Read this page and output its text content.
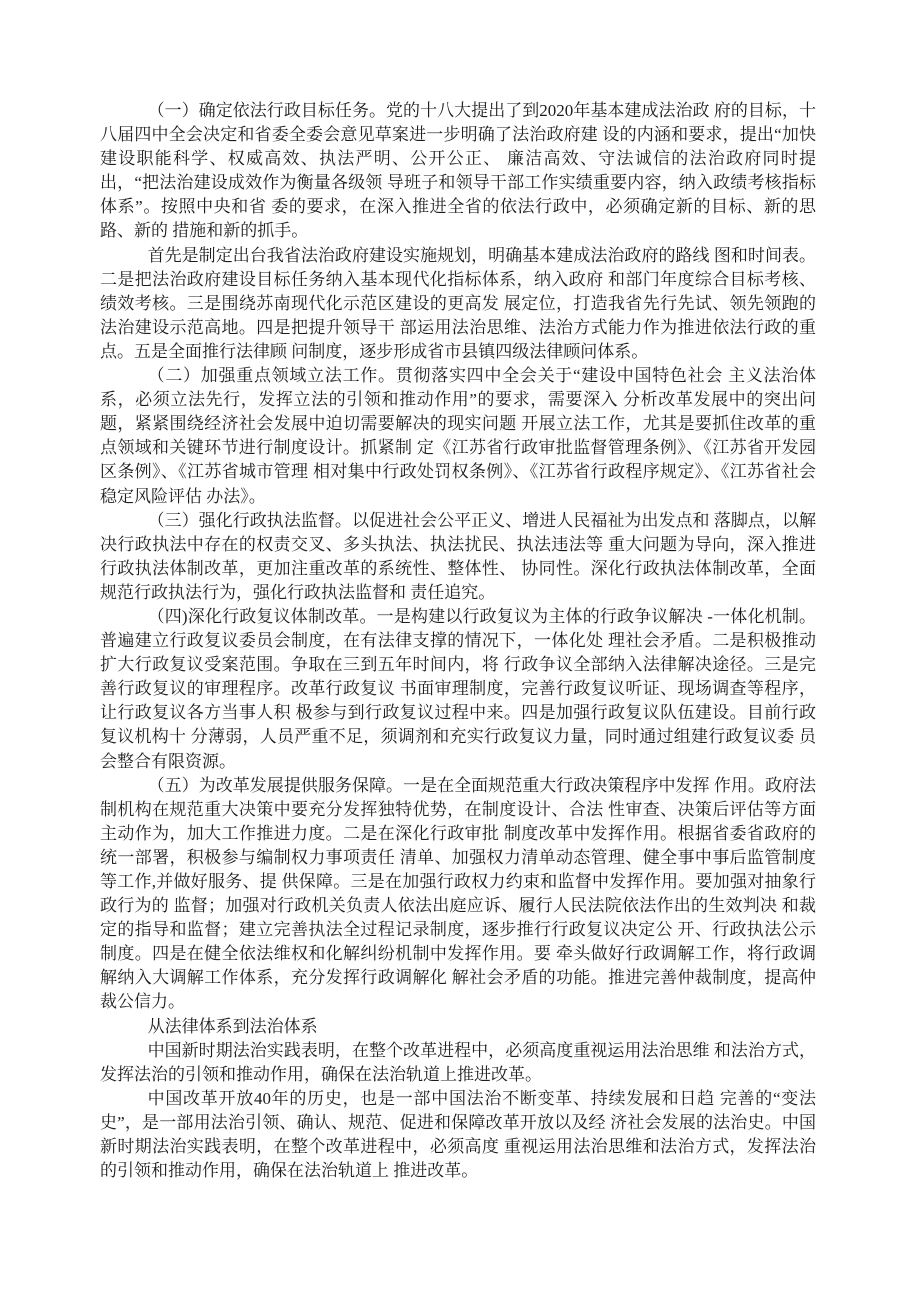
（一）确定依法行政目标任务。党的十八大提出了到2020年基本建成法治政 府的目标，十八届四中全会决定和省委全委会意见草案进一步明确了法治政府建 设的内涵和要求，提出“加快建设职能科学、权威高效、执法严明、公开公正、 廉洁高效、守法诚信的法治政府同时提出，“把法治建设成效作为衡量各级领 导班子和领导干部工作实绩重要内容，纳入政绩考核指标体系”。按照中央和省 委的要求，在深入推进全省的依法行政中，必须确定新的目标、新的思路、新的 措施和新的抓手。

首先是制定出台我省法治政府建设实施规划，明确基本建成法治政府的路线 图和时间表。二是把法治政府建设目标任务纳入基本现代化指标体系，纳入政府 和部门年度综合目标考核、绩效考核。三是围绕苏南现代化示范区建设的更高发 展定位，打造我省先行先试、领先领跑的法治建设示范高地。四是把提升领导干 部运用法治思维、法治方式能力作为推进依法行政的重点。五是全面推行法律顾 问制度，逐步形成省市县镇四级法律顾问体系。

（二）加强重点领域立法工作。贯彻落实四中全会关于“建设中国特色社会 主义法治体系，必须立法先行，发挥立法的引领和推动作用”的要求，需要深入 分析改革发展中的突出问题，紧紧围绕经济社会发展中迫切需要解决的现实问题 开展立法工作，尤其是要抓住改革的重点领域和关键环节进行制度设计。抓紧制 定《江苏省行政审批监督管理条例》、《江苏省开发园区条例》、《江苏省城市管理 相对集中行政处罚权条例》、《江苏省行政程序规定》、《江苏省社会稳定风险评估 办法》。

（三）强化行政执法监督。以促进社会公平正义、增进人民福祉为出发点和 落脚点，以解决行政执法中存在的权责交叉、多头执法、执法扰民、执法违法等 重大问题为导向，深入推进行政执法体制改革，更加注重改革的系统性、整体性、 协同性。深化行政执法体制改革，全面规范行政执法行为，强化行政执法监督和 责任追究。

（四)深化行政复议体制改革。一是构建以行政复议为主体的行政争议解决 -一体化机制。普遍建立行政复议委员会制度，在有法律支撑的情况下，一体化处 理社会矛盾。二是积极推动扩大行政复议受案范围。争取在三到五年时间内，将 行政争议全部纳入法律解决途径。三是完善行政复议的审理程序。改革行政复议 书面审理制度，完善行政复议听证、现场调查等程序，让行政复议各方当事人积 极参与到行政复议过程中来。四是加强行政复议队伍建设。目前行政复议机构十 分薄弱，人员严重不足，须调剂和充实行政复议力量，同时通过组建行政复议委 员会整合有限资源。

（五）为改革发展提供服务保障。一是在全面规范重大行政决策程序中发挥 作用。政府法制机构在规范重大决策中要充分发挥独特优势，在制度设计、合法 性审查、决策后评估等方面主动作为，加大工作推进力度。二是在深化行政审批 制度改革中发挥作用。根据省委省政府的统一部署，积极参与编制权力事项责任 清单、加强权力清单动态管理、健全事中事后监管制度等工作,并做好服务、提 供保障。三是在加强行政权力约束和监督中发挥作用。要加强对抽象行政行为的 监督；加强对行政机关负责人依法出庭应诉、履行人民法院依法作出的生效判决 和裁定的指导和监督；建立完善执法全过程记录制度，逐步推行行政复议决定公 开、行政执法公示制度。四是在健全依法维权和化解纠纷机制中发挥作用。要 牵头做好行政调解工作，将行政调解纳入大调解工作体系，充分发挥行政调解化 解社会矛盾的功能。推进完善仲裁制度，提高仲裁公信力。

从法律体系到法治体系

中国新时期法治实践表明，在整个改革进程中，必须高度重视运用法治思维 和法治方式，发挥法治的引领和推动作用，确保在法治轨道上推进改革。

中国改革开放40年的历史，也是一部中国法治不断变革、持续发展和日趋 完善的“变法史”，是一部用法治引领、确认、规范、促进和保障改革开放以及经 济社会发展的法治史。中国新时期法治实践表明，在整个改革进程中，必须高度 重视运用法治思维和法治方式，发挥法治的引领和推动作用，确保在法治轨道上 推进改革。
